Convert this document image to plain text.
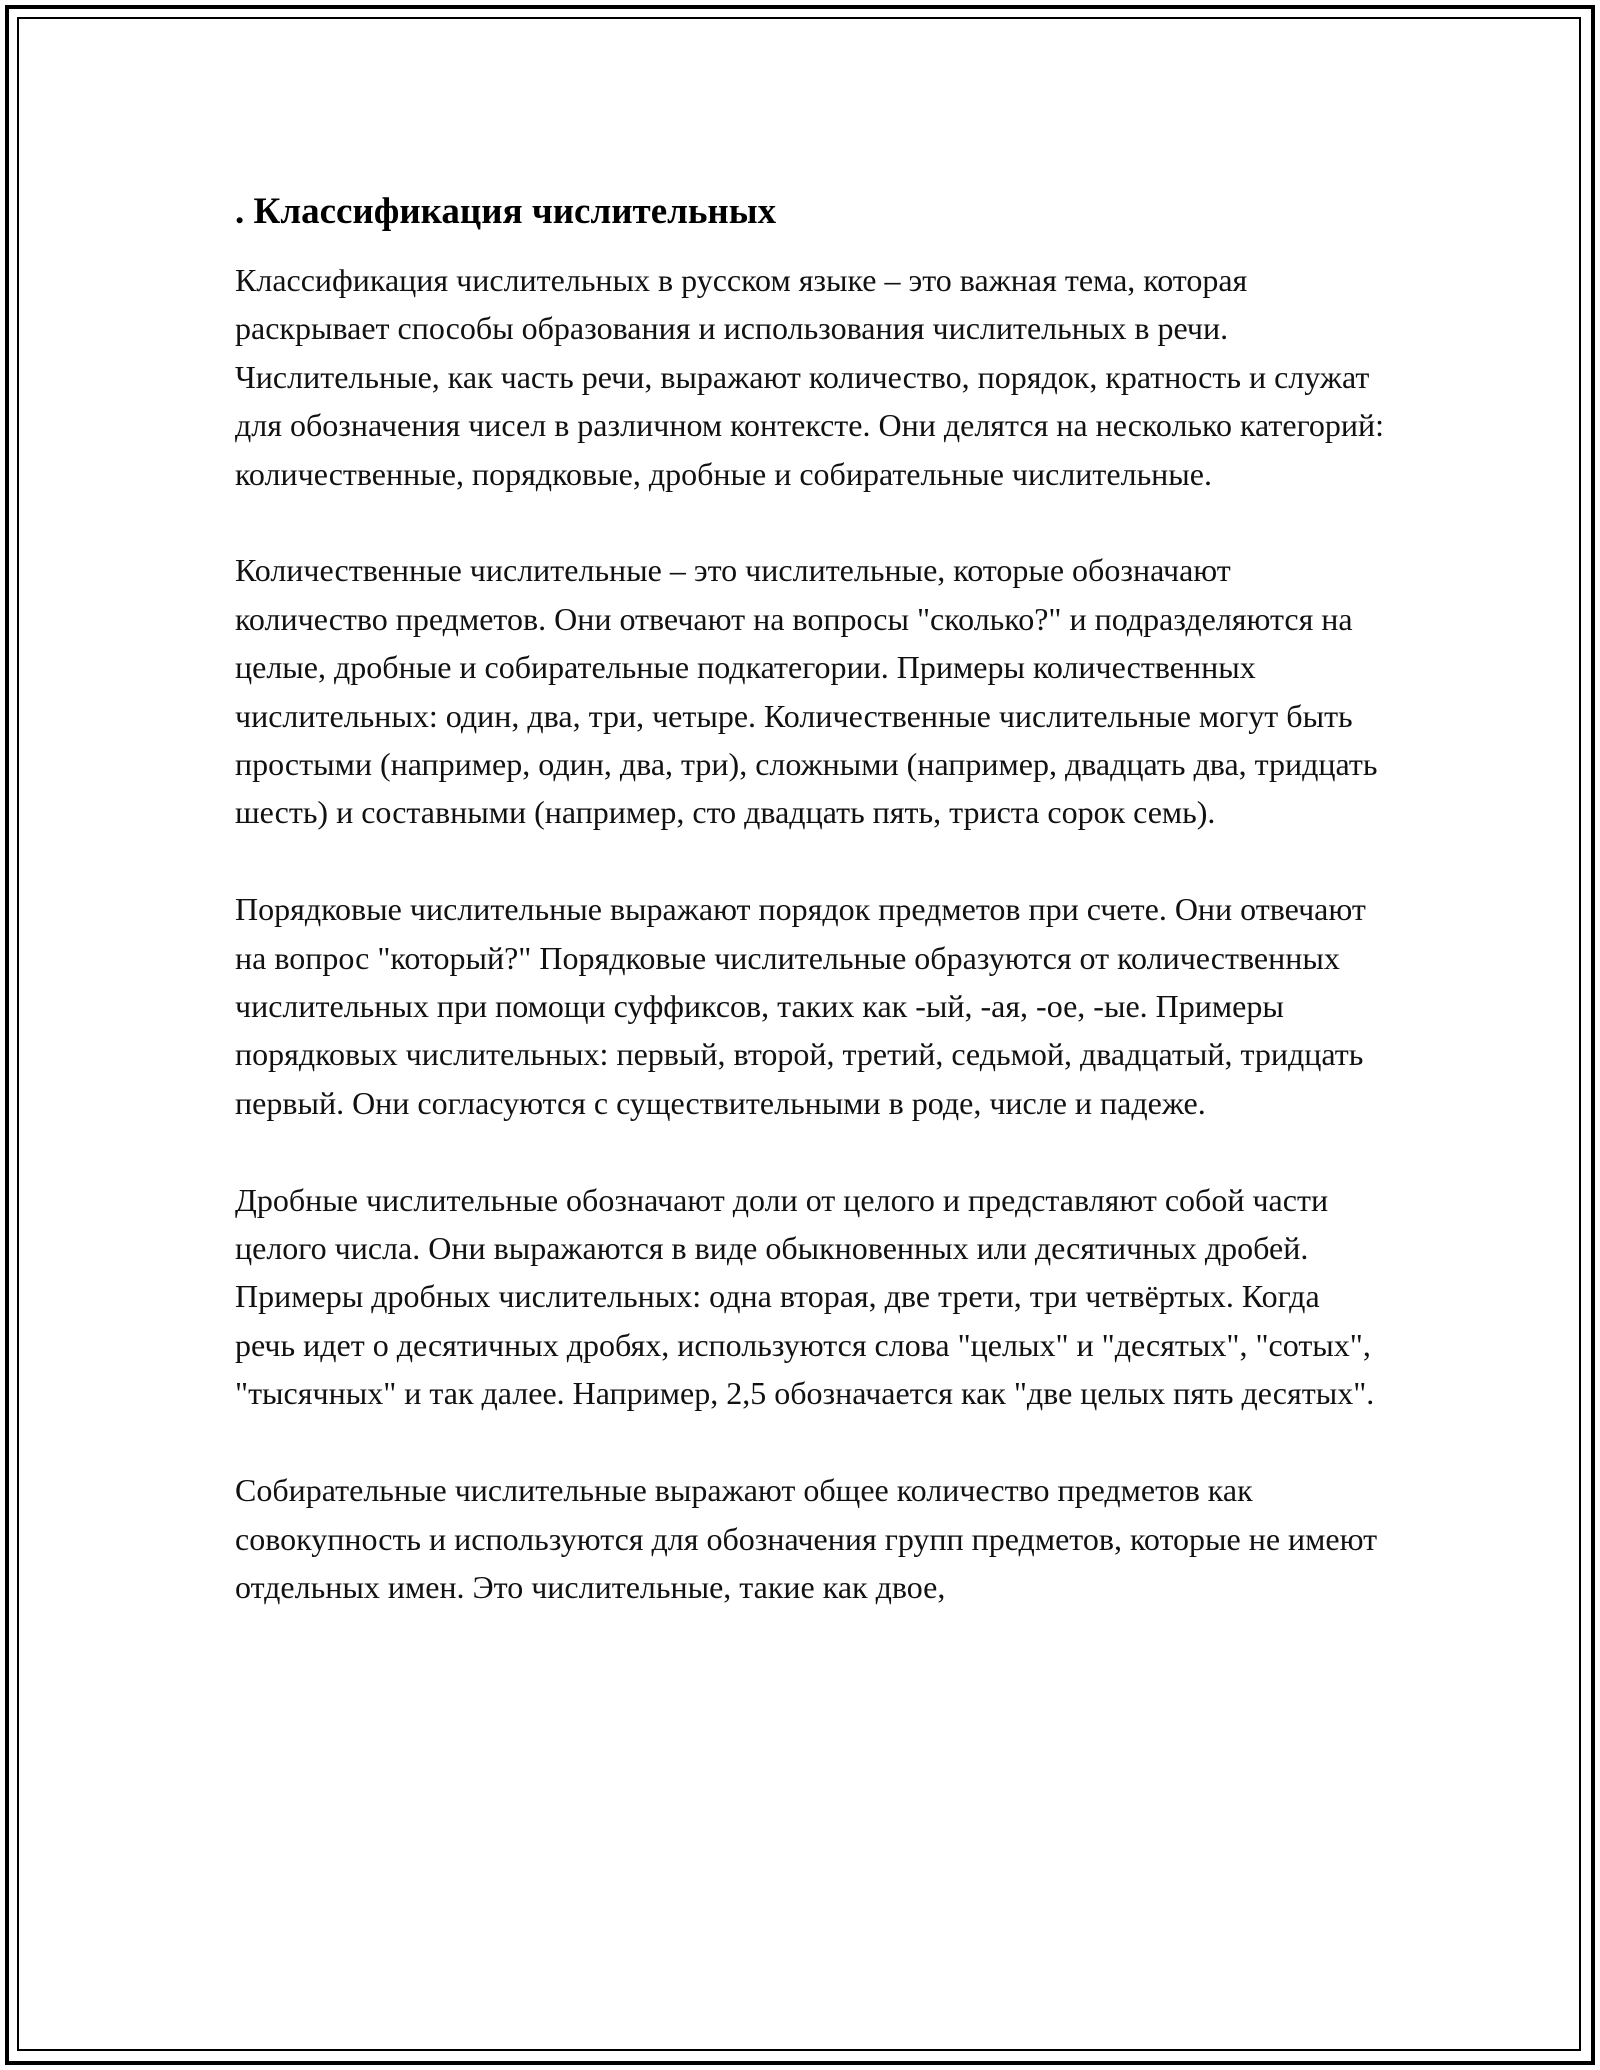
. Классификация числительных

Классификация числительных в русском языке – это важная тема, которая раскрывает способы образования и использования числительных в речи. Числительные, как часть речи, выражают количество, порядок, кратность и служат для обозначения чисел в различном контексте. Они делятся на несколько категорий: количественные, порядковые, дробные и собирательные числительные.

Количественные числительные – это числительные, которые обозначают количество предметов. Они отвечают на вопросы "сколько?" и подразделяются на целые, дробные и собирательные подкатегории. Примеры количественных числительных: один, два, три, четыре. Количественные числительные могут быть простыми (например, один, два, три), сложными (например, двадцать два, тридцать шесть) и составными (например, сто двадцать пять, триста сорок семь).

Порядковые числительные выражают порядок предметов при счете. Они отвечают на вопрос "который?" Порядковые числительные образуются от количественных числительных при помощи суффиксов, таких как -ый, -ая, -ое, -ые. Примеры порядковых числительных: первый, второй, третий, седьмой, двадцатый, тридцать первый. Они согласуются с существительными в роде, числе и падеже.

Дробные числительные обозначают доли от целого и представляют собой части целого числа. Они выражаются в виде обыкновенных или десятичных дробей. Примеры дробных числительных: одна вторая, две трети, три четвёртых. Когда речь идет о десятичных дробях, используются слова "целых" и "десятых", "сотых", "тысячных" и так далее. Например, 2,5 обозначается как "две целых пять десятых".

Собирательные числительные выражают общее количество предметов как совокупность и используются для обозначения групп предметов, которые не имеют отдельных имен. Это числительные, такие как двое,
